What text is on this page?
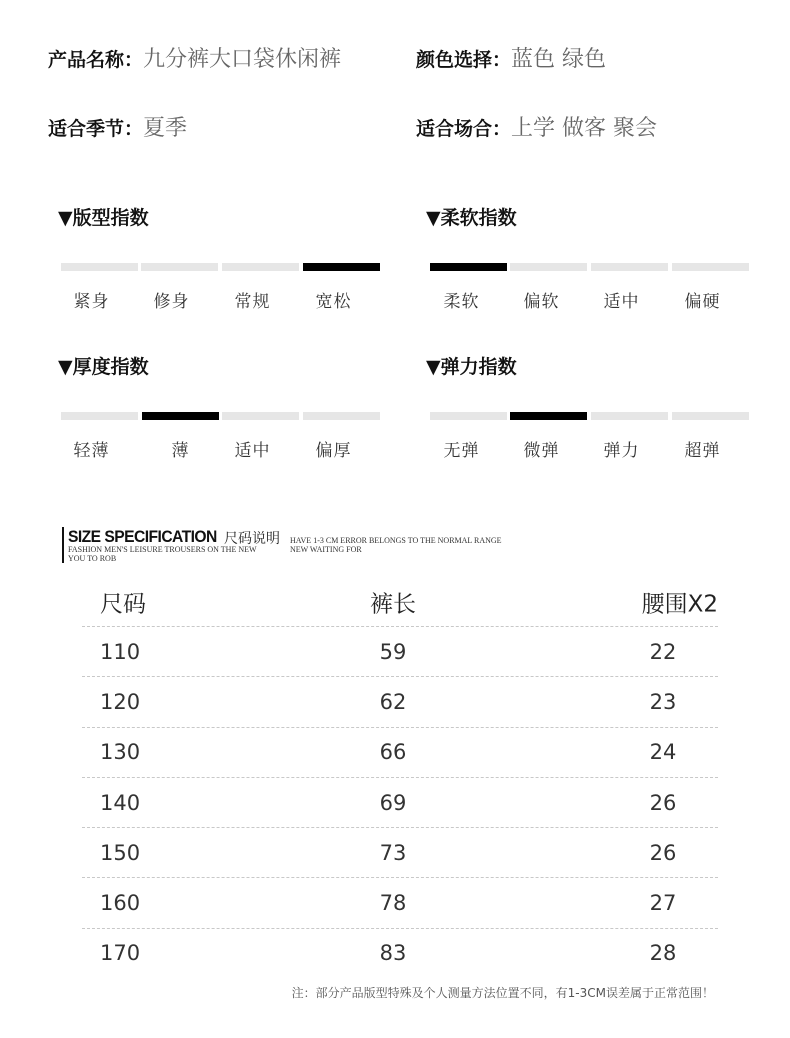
产品名称：九分裤大口袋休闲裤	颜色选择：蓝色 绿色
适合季节：夏季	适合场合：上学 做客 聚会
▼版型指数	▼柔软指数
▼厚度指数	▼弹力指数
紧身	修身	常规	宽松	柔软	偏软	适中	偏硬
轻薄	薄	适中	偏厚	无弹	微弹	弹力	超弹
SIZE SPECIFICATION 尺码说明 HAVE 1-3 CM ERROR BELONGS TO THE NORMAL RANGE
FASHION MEN'S LEISURE TROUSERS ON THE NEW	NEW WAITING FOR
YOU TO ROB
尺码	裤长	腰围X2
110	59	22
120	62	23
130	66	24
140	69	26
150	73	26
160	78	27
170	83	28
注：部分产品版型特殊及个人测量方法位置不同，有1-3CM误差属于正常范围！
